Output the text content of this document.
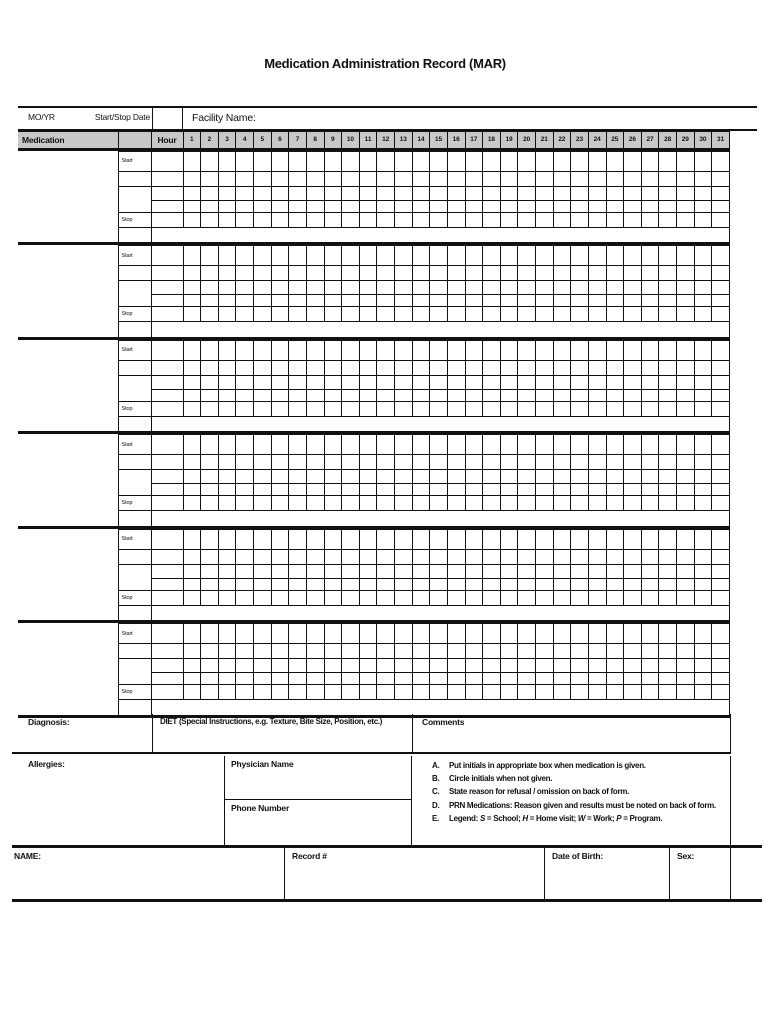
Medication Administration Record (MAR)
MO/YR	Start/Stop Date	Facility Name:
Medication		Hour	1	2	3	4	5	6	7	8	9	10	11	12	13	14	15	16	17	18	19	20	21	22	23	24	25	26	27	28	29	30	31
	Start																																

	Stop																																

	Start																																

	Stop																																

	Start																																

	Stop																																

	Start																																

	Stop																																

	Start																																

	Stop																																

	Start																																

	Stop																																

Diagnosis:	DIET (Special Instructions, e.g. Texture, Bite Size, Position, etc.)	Comments
Allergies:	Physician Name
Phone Number
A.	Put initials in appropriate box when medication is given.
B.	Circle initials when not given.
C.	State reason for refusal / omission on back of form.
D.	PRN Medications: Reason given and results must be noted on back of form.
E.	Legend: S = School; H = Home visit; W = Work; P = Program.
NAME:	Record #	Date of Birth:	Sex:
